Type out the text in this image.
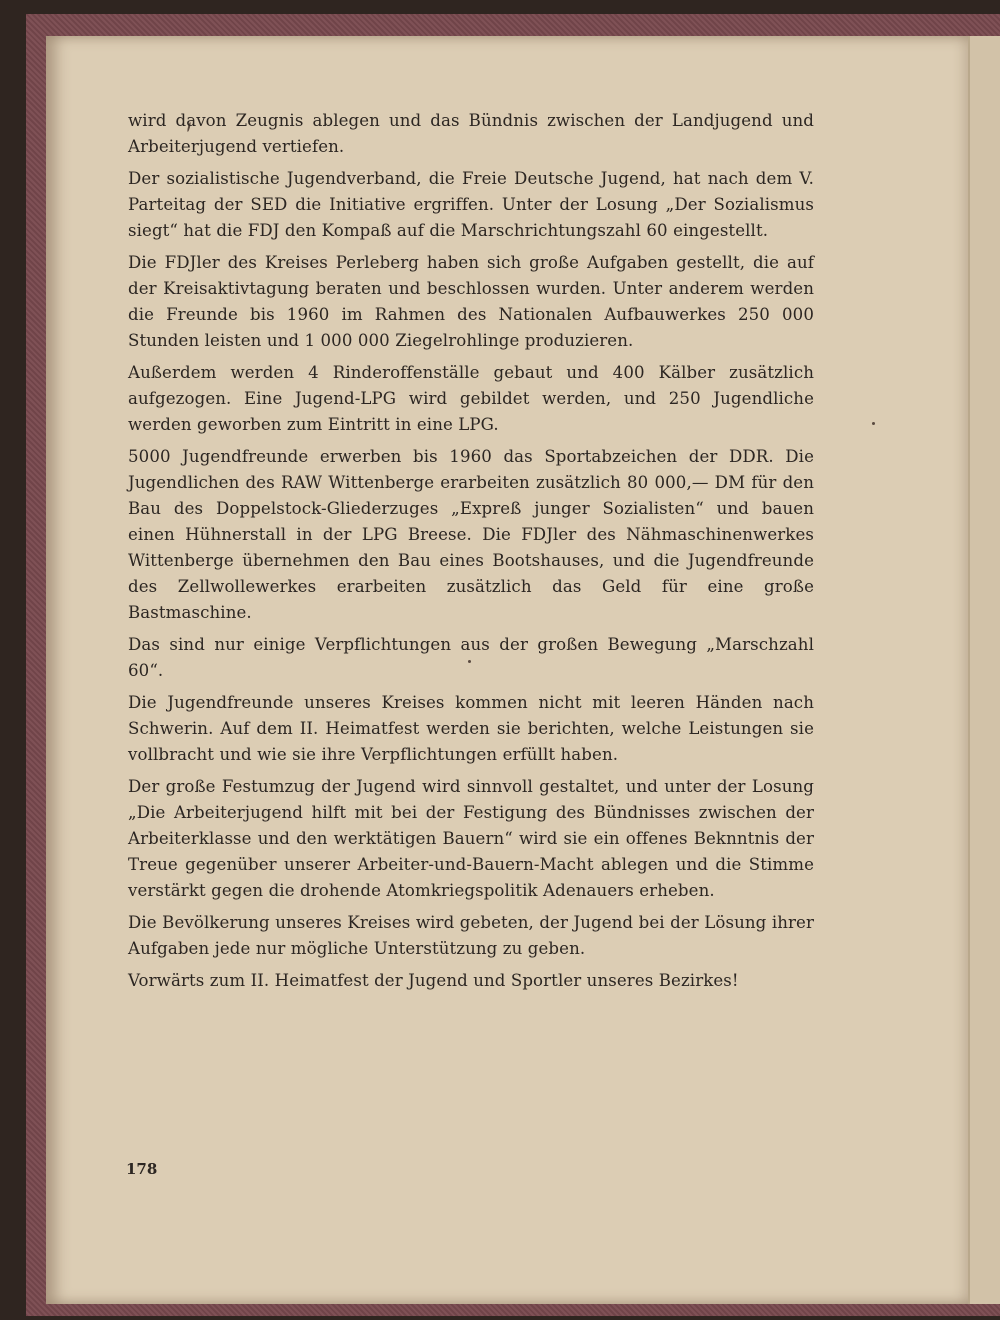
wird davon Zeugnis ablegen und das Bündnis zwischen der Landjugend und Arbeiterjugend vertiefen.

Der sozialistische Jugendverband, die Freie Deutsche Jugend, hat nach dem V. Parteitag der SED die Initiative ergriffen. Unter der Losung „Der Sozialismus siegt“ hat die FDJ den Kompaß auf die Marschrichtungszahl 60 eingestellt.

Die FDJler des Kreises Perleberg haben sich große Aufgaben gestellt, die auf der Kreisaktivtagung beraten und beschlossen wurden. Unter anderem werden die Freunde bis 1960 im Rahmen des Nationalen Aufbauwerkes 250 000 Stunden leisten und 1 000 000 Ziegelrohlinge produzieren.

Außerdem werden 4 Rinderoffenställe gebaut und 400 Kälber zusätzlich aufgezogen. Eine Jugend-LPG wird gebildet werden, und 250 Jugendliche werden geworben zum Eintritt in eine LPG.

5000 Jugendfreunde erwerben bis 1960 das Sportabzeichen der DDR. Die Jugendlichen des RAW Wittenberge erarbeiten zusätzlich 80 000,— DM für den Bau des Doppelstock-Gliederzuges „Expreß junger Sozialisten“ und bauen einen Hühnerstall in der LPG Breese. Die FDJler des Nähmaschinenwerkes Wittenberge übernehmen den Bau eines Bootshauses, und die Jugendfreunde des Zellwollewerkes erarbeiten zusätzlich das Geld für eine große Bastmaschine.

Das sind nur einige Verpflichtungen aus der großen Bewegung „Marschzahl 60“.

Die Jugendfreunde unseres Kreises kommen nicht mit leeren Händen nach Schwerin. Auf dem II. Heimatfest werden sie berichten, welche Leistungen sie vollbracht und wie sie ihre Verpflichtungen erfüllt haben.

Der große Festumzug der Jugend wird sinnvoll gestaltet, und unter der Losung „Die Arbeiterjugend hilft mit bei der Festigung des Bündnisses zwischen der Arbeiterklasse und den werktätigen Bauern“ wird sie ein offenes Beknntnis der Treue gegenüber unserer Arbeiter-und-Bauern-Macht ablegen und die Stimme verstärkt gegen die drohende Atomkriegspolitik Adenauers erheben.

Die Bevölkerung unseres Kreises wird gebeten, der Jugend bei der Lösung ihrer Aufgaben jede nur mögliche Unterstützung zu geben.

Vorwärts zum II. Heimatfest der Jugend und Sportler unseres Bezirkes!

178
